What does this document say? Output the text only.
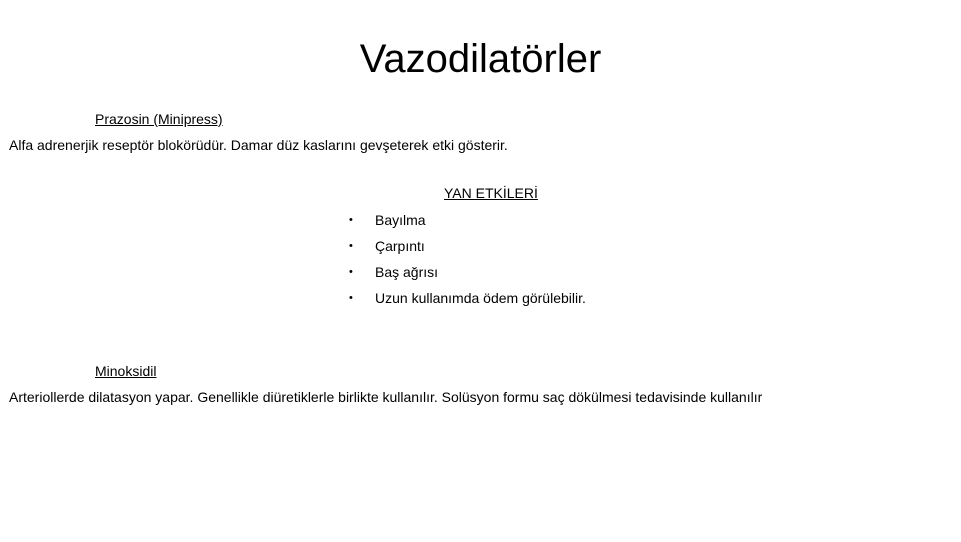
Vazodilatörler

Prazosin (Minipress)

Alfa adrenerjik reseptör blokörüdür. Damar düz kaslarını gevşeterek etki gösterir.

YAN ETKİLERİ

•	Bayılma
•	Çarpıntı
•	Baş ağrısı
•	Uzun kullanımda ödem görülebilir.

Minoksidil

Arteriollerde dilatasyon yapar. Genellikle diüretiklerle birlikte kullanılır. Solüsyon formu saç dökülmesi tedavisinde kullanılır
